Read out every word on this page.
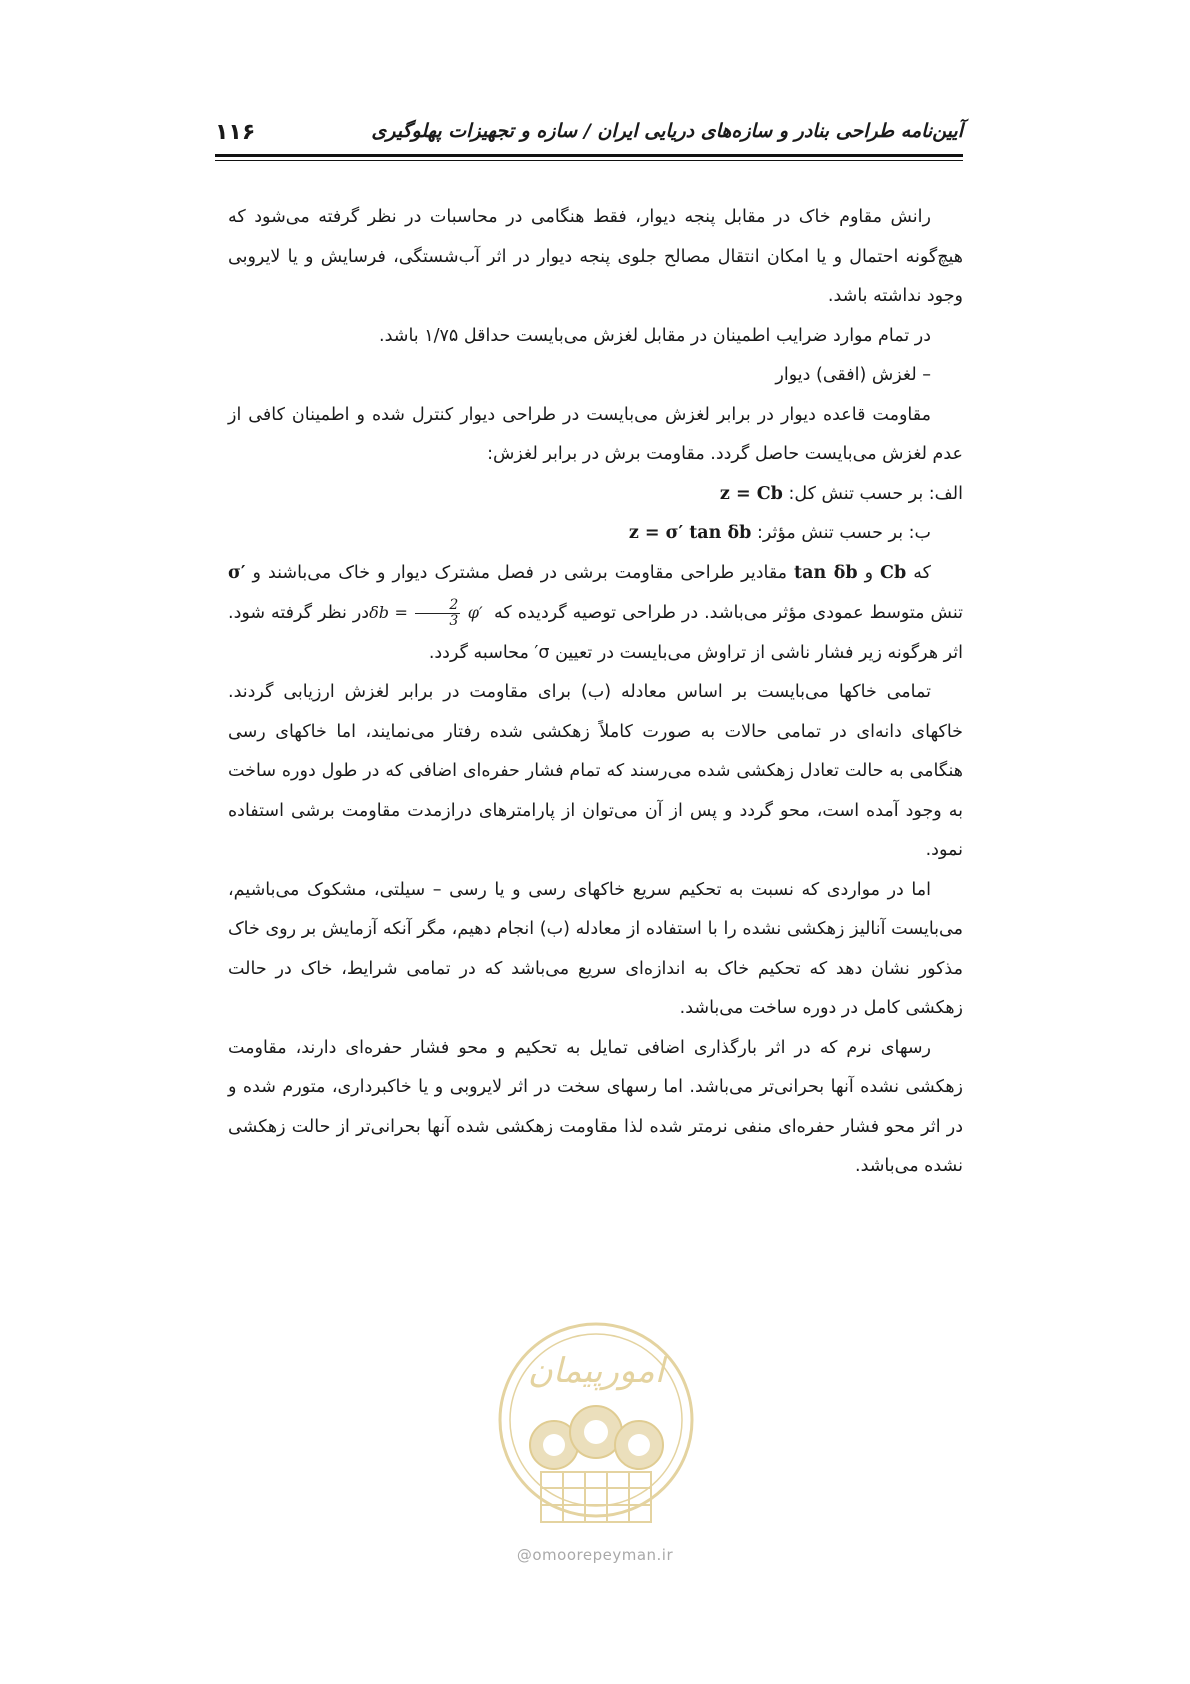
۱۱۶	آیین‌نامه طراحی بنادر و سازه‌های دریایی ایران / سازه و تجهیزات پهلوگیری

رانش مقاوم خاک در مقابل پنجه دیوار، فقط هنگامی در محاسبات در نظر گرفته می‌شود که هیچ‌گونه احتمال و یا امکان انتقال مصالح جلوی پنجه دیوار در اثر آب‌شستگی، فرسایش و یا لایروبی وجود نداشته باشد.

در تمام موارد ضرایب اطمینان در مقابل لغزش می‌بایست حداقل ۱/۷۵ باشد.

– لغزش (افقی) دیوار

مقاومت قاعده دیوار در برابر لغزش می‌بایست در طراحی دیوار کنترل شده و اطمینان کافی از عدم لغزش می‌بایست حاصل گردد. مقاومت برش در برابر لغزش:

الف: بر حسب تنش کل: z = Cb

ب: بر حسب تنش مؤثر: z = σ′ tan δb

که Cb و tan δb مقادیر طراحی مقاومت برشی در فصل مشترک دیوار و خاک می‌باشند و σ′ تنش متوسط عمودی مؤثر می‌باشد. در طراحی توصیه گردیده که $\delta b = \frac{2}{3} \varphi'$ در نظر گرفته شود. اثر هرگونه زیر فشار ناشی از تراوش می‌بایست در تعیین σ′ محاسبه گردد.

تمامی خاکها می‌بایست بر اساس معادله (ب) برای مقاومت در برابر لغزش ارزیابی گردند. خاکهای دانه‌ای در تمامی حالات به صورت کاملاً زهکشی شده رفتار می‌نمایند، اما خاکهای رسی هنگامی به حالت تعادل زهکشی شده می‌رسند که تمام فشار حفره‌ای اضافی که در طول دوره ساخت به وجود آمده است، محو گردد و پس از آن می‌توان از پارامترهای درازمدت مقاومت برشی استفاده نمود.

اما در مواردی که نسبت به تحکیم سریع خاکهای رسی و یا رسی – سیلتی، مشکوک می‌باشیم، می‌بایست آنالیز زهکشی نشده را با استفاده از معادله (ب) انجام دهیم، مگر آنکه آزمایش بر روی خاک مذکور نشان دهد که تحکیم خاک به اندازه‌ای سریع می‌باشد که در تمامی شرایط، خاک در حالت زهکشی کامل در دوره ساخت می‌باشد.

رسهای نرم که در اثر بارگذاری اضافی تمایل به تحکیم و محو فشار حفره‌ای دارند، مقاومت زهکشی نشده آنها بحرانی‌تر می‌باشد. اما رسهای سخت در اثر لایروبی و یا خاکبرداری، متورم شده و در اثر محو فشار حفره‌ای منفی نرمتر شده لذا مقاومت زهکشی شده آنها بحرانی‌تر از حالت زهکشی نشده می‌باشد.

امورپیمان
@omoorepeyman.ir
